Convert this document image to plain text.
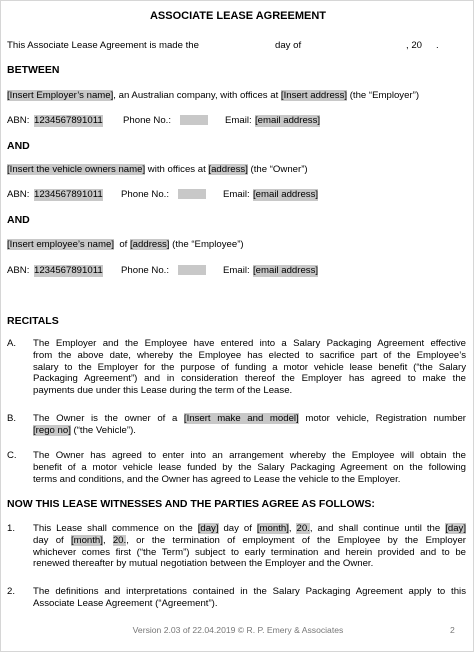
ASSOCIATE LEASE AGREEMENT
This Associate Lease Agreement is made the	day of	, 20 .
BETWEEN
[Insert Employer’s name], an Australian company, with offices at [Insert address] (the “Employer”)
ABN: 1234567891011 Phone No.:	Email: [email address]
AND
[Insert the vehicle owners name] with offices at [address] (the “Owner”)
ABN: 1234567891011 Phone No.:	Email: [email address]
AND
[Insert employee’s name]  of [address] (the “Employee”)
ABN: 1234567891011 Phone No.:	Email: [email address]
RECITALS
A. The Employer and the Employee have entered into a Salary Packaging Agreement effective
from the above date, whereby the Employee has elected to sacrifice part of the Employee’s
salary to the Employer for the purpose of funding a motor vehicle lease benefit (“the Salary
Packaging Agreement”) and in consideration thereof the Employer has agreed to make the
payments due under this Lease during the term of the Lease.
B. The Owner is the owner of a [Insert make and model] motor vehicle, Registration number
[rego no] (“the Vehicle”).
C. The Owner has agreed to enter into an arrangement whereby the Employee will obtain the
benefit of a motor vehicle lease funded by the Salary Packaging Agreement on the following
terms and conditions, and the Owner has agreed to Lease the vehicle to the Employer.
NOW THIS LEASE WITNESSES AND THE PARTIES AGREE AS FOLLOWS:
1. This Lease shall commence on the [day] day of [month], 20., and shall continue until the [day]
day of [month], 20., or the termination of employment of the Employee by the Employer
whichever comes first (“the Term”) subject to early termination and herein provided and to be
renewed thereafter by mutual negotiation between the Employer and the Owner.
2. The definitions and interpretations contained in the Salary Packaging Agreement apply to this
Associate Lease Agreement (“Agreement”).
Version 2.03 of 22.04.2019 © R. P. Emery & Associates	2
